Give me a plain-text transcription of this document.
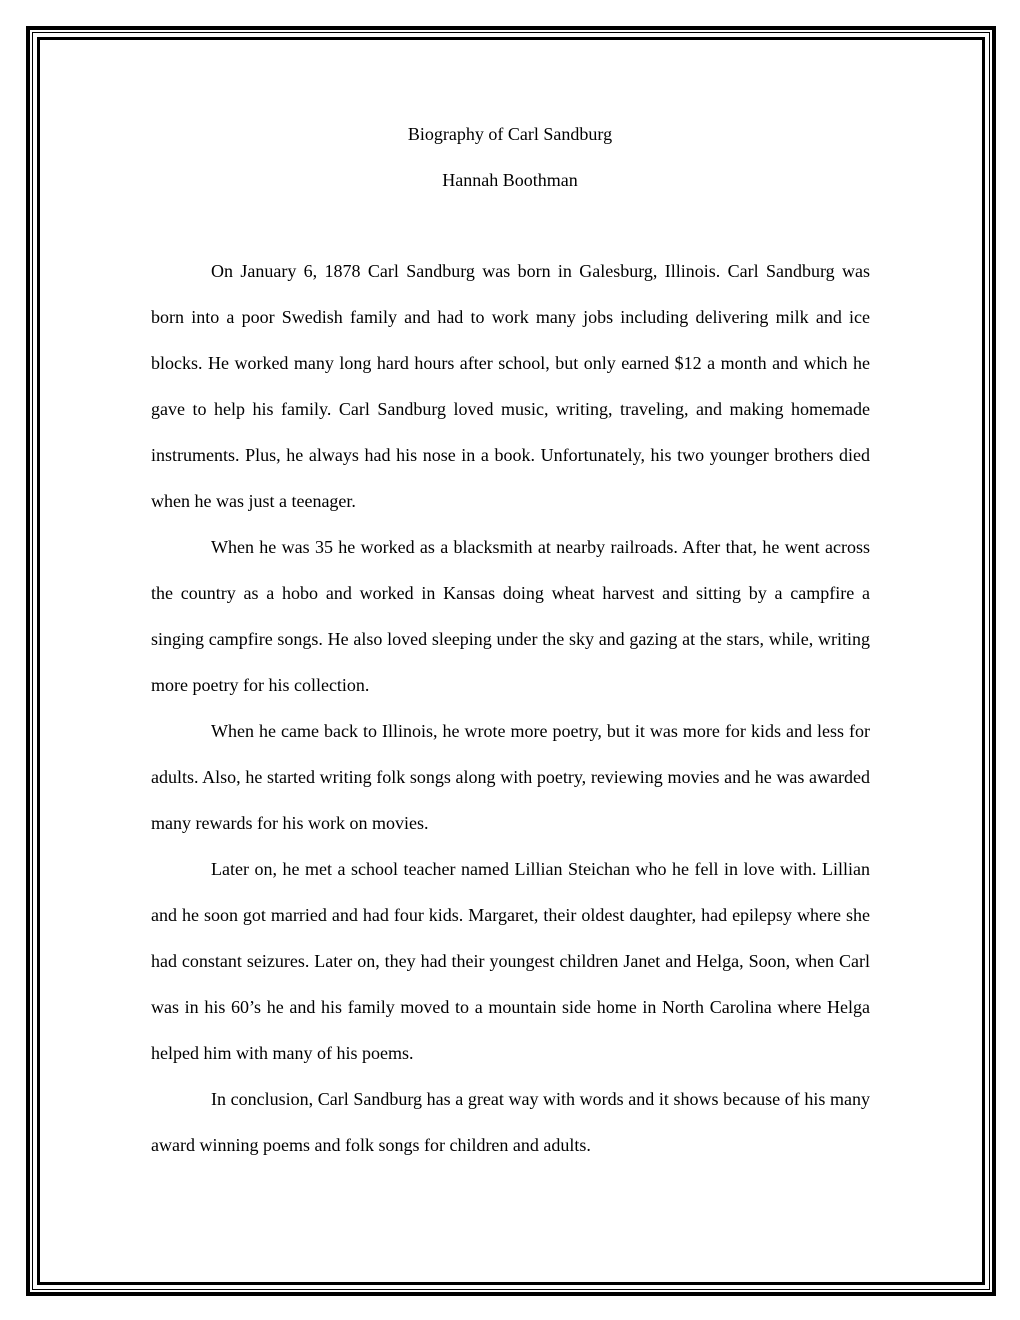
Biography of Carl Sandburg
Hannah Boothman

On January 6, 1878 Carl Sandburg was born in Galesburg, Illinois. Carl Sandburg was born into a poor Swedish family and had to work many jobs including delivering milk and ice blocks. He worked many long hard hours after school, but only earned $12 a month and which he gave to help his family. Carl Sandburg loved music, writing, traveling, and making homemade instruments. Plus, he always had his nose in a book. Unfortunately, his two younger brothers died when he was just a teenager.

When he was 35 he worked as a blacksmith at nearby railroads. After that, he went across the country as a hobo and worked in Kansas doing wheat harvest and sitting by a campfire a singing campfire songs. He also loved sleeping under the sky and gazing at the stars, while, writing more poetry for his collection.

When he came back to Illinois, he wrote more poetry, but it was more for kids and less for adults. Also, he started writing folk songs along with poetry, reviewing movies and he was awarded many rewards for his work on movies.

Later on, he met a school teacher named Lillian Steichan who he fell in love with. Lillian and he soon got married and had four kids. Margaret, their oldest daughter, had epilepsy where she had constant seizures. Later on, they had their youngest children Janet and Helga, Soon, when Carl was in his 60’s he and his family moved to a mountain side home in North Carolina where Helga helped him with many of his poems.

In conclusion, Carl Sandburg has a great way with words and it shows because of his many award winning poems and folk songs for children and adults.
